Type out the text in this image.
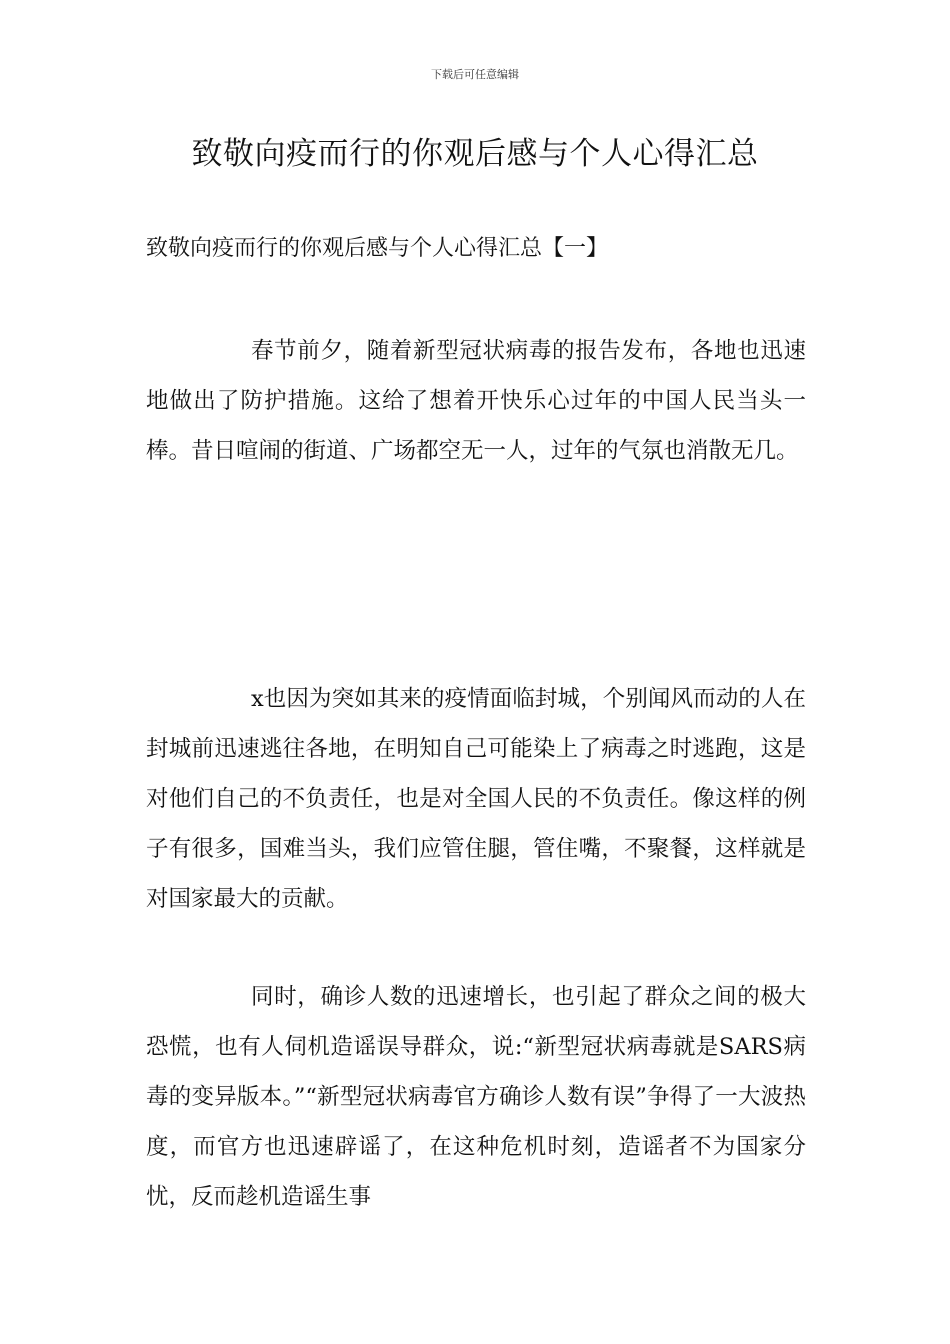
下载后可任意编辑
致敬向疫而行的你观后感与个人心得汇总
致敬向疫而行的你观后感与个人心得汇总【一】

春节前夕，随着新型冠状病毒的报告发布，各地也迅速地做出了防护措施。这给了想着开快乐心过年的中国人民当头一棒。昔日喧闹的街道、广场都空无一人，过年的气氛也消散无几。

x也因为突如其来的疫情面临封城，个别闻风而动的人在封城前迅速逃往各地，在明知自己可能染上了病毒之时逃跑，这是对他们自己的不负责任，也是对全国人民的不负责任。像这样的例子有很多，国难当头，我们应管住腿，管住嘴，不聚餐，这样就是对国家最大的贡献。

同时，确诊人数的迅速增长，也引起了群众之间的极大恐慌，也有人伺机造谣误导群众，说:“新型冠状病毒就是SARS病毒的变异版本。”“新型冠状病毒官方确诊人数有误”争得了一大波热度，而官方也迅速辟谣了，在这种危机时刻，造谣者不为国家分忧，反而趁机造谣生事
